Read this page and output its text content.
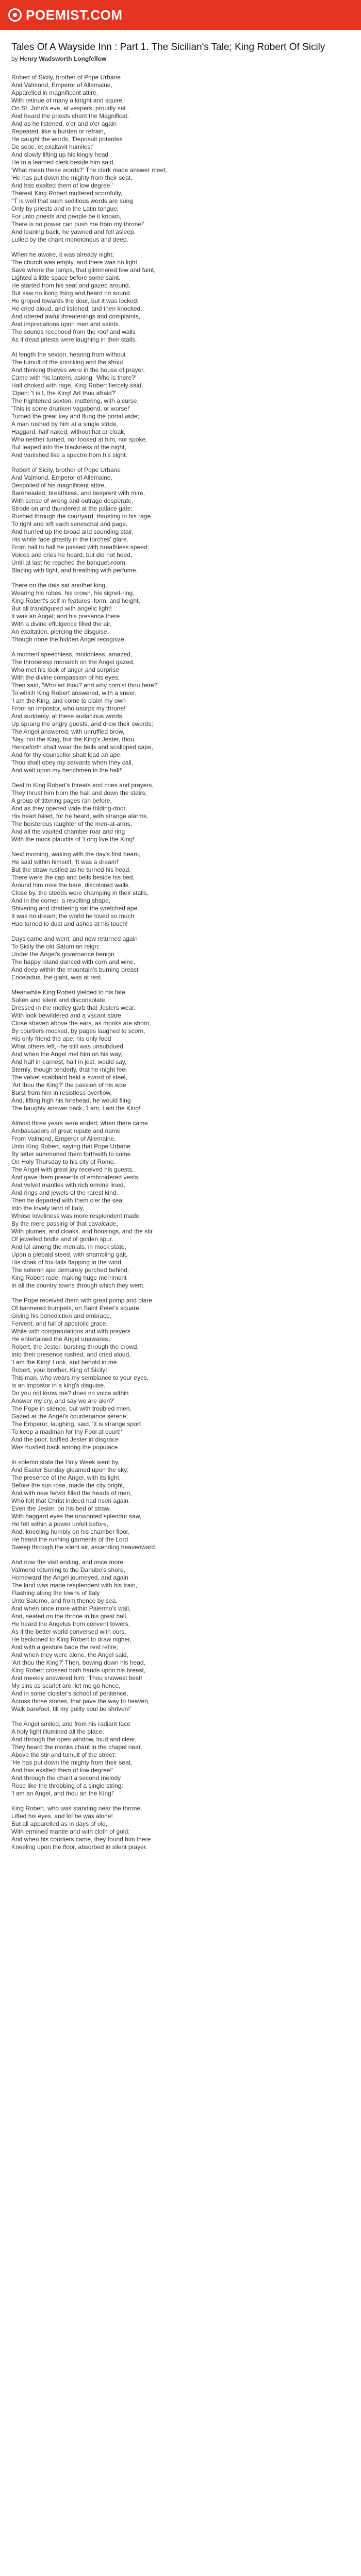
POEMIST.COM
Tales Of A Wayside Inn : Part 1. The Sicilian's Tale; King Robert Of Sicily
by Henry Wadsworth Longfellow

Robert of Sicily, brother of Pope Urbane
And Valmond, Emperor of Allemaine,
Apparelled in magnificent attire,
With retinue of many a knight and squire,
On St. John's eve, at vespers, proudly sat
And heard the priests chant the Magnificat.
And as he listened, o'er and o'er again
Repeated, like a burden or refrain,
He caught the words, 'Deposuit potentes
De sede, et exaltavit humiles;'
And slowly lifting up his kingly head
He to a learned clerk beside him said,
'What mean these words?' The clerk made answer meet,
'He has put down the mighty from their seat,
And has exalted them of low degree.'
Thereat King Robert muttered scornfully,
''T is well that such seditious words are sung
Only by priests and in the Latin tongue;
For unto priests and people be it known,
There is no power can push me from my throne!'
And leaning back, he yawned and fell asleep,
Lulled by the chant monotonous and deep.

When he awoke, it was already night;
The church was empty, and there was no light,
Save where the lamps, that glimmered few and faint,
Lighted a little space before some saint.
He started from his seat and gazed around,
But saw no living thing and heard no sound.
He groped towards the door, but it was locked;
He cried aloud, and listened, and then knocked,
And uttered awful threatenings and complaints,
And imprecations upon men and saints.
The sounds reechoed from the roof and walls
As if dead priests were laughing in their stalls.

At length the sexton, hearing from without
The tumult of the knocking and the shout,
And thinking thieves were in the house of prayer,
Came with his lantern, asking, 'Who is there?'
Half choked with rage, King Robert fiercely said,
'Open: 't is I, the King! Art thou afraid?'
The frightened sexton, muttering, with a curse,
'This is some drunken vagabond, or worse!'
Turned the great key and flung the portal wide;
A man rushed by him at a single stride,
Haggard, half naked, without hat or cloak,
Who neither turned, nor looked at him, nor spoke,
But leaped into the blackness of the night,
And vanished like a spectre from his sight.

Robert of Sicily, brother of Pope Urbane
And Valmond, Emperor of Allemaine,
Despoiled of his magnificent attire,
Bareheaded, breathless, and besprent with mire,
With sense of wrong and outrage desperate,
Strode on and thundered at the palace gate;
Rushed through the courtyard, thrusting in his rage
To right and left each seneschal and page,
And hurried up the broad and sounding stair,
His white face ghastly in the torches' glare.
From hall to hall he passed with breathless speed;
Voices and cries he heard, but did not heed,
Until at last he reached the banquet-room,
Blazing with light, and breathing with perfume.

There on the dais sat another king,
Wearing his robes, his crown, his signet-ring,
King Robert's self in features, form, and height,
But all transfigured with angelic light!
It was an Angel; and his presence there
With a divine effulgence filled the air,
An exaltation, piercing the disguise,
Though none the hidden Angel recognize.

A moment speechless, motionless, amazed,
The throneless monarch on the Angel gazed,
Who met his look of anger and surprise
With the divine compassion of his eyes;
Then said, 'Who art thou? and why com'st thou here?'
To which King Robert answered, with a sneer,
'I am the King, and come to claim my own
From an impostor, who usurps my throne!'
And suddenly, at these audacious words,
Up sprang the angry guests, and drew their swords;
The Angel answered, with unruffled brow,
'Nay, not the King, but the King's Jester, thou
Henceforth shalt wear the bells and scalloped cape,
And for thy counsellor shalt lead an ape;
Thou shalt obey my servants when they call,
And wait upon my henchmen in the hall!'

Deaf to King Robert's threats and cries and prayers,
They thrust him from the hall and down the stairs;
A group of tittering pages ran before,
And as they opened wide the folding-door,
His heart failed, for he heard, with strange alarms,
The boisterous laughter of the men-at-arms,
And all the vaulted chamber roar and ring
With the mock plaudits of 'Long live the King!'

Next morning, waking with the day's first beam,
He said within himself, 'It was a dream!'
But the straw rustled as he turned his head,
There were the cap and bells beside his bed,
Around him rose the bare, discolored walls,
Close by, the steeds were champing in their stalls,
And in the corner, a revolting shape,
Shivering and chattering sat the wretched ape.
It was no dream; the world he loved so much
Had turned to dust and ashes at his touch!

Days came and went; and now returned again
To Sicily the old Saturnian reign;
Under the Angel's governance benign
The happy island danced with corn and wine,
And deep within the mountain's burning breast
Enceladus, the giant, was at rest.

Meanwhile King Robert yielded to his fate,
Sullen and silent and disconsolate.
Dressed in the motley garb that Jesters wear,
With look bewildered and a vacant stare,
Close shaven above the ears, as monks are shorn,
By courtiers mocked, by pages laughed to scorn,
His only friend the ape, his only food
What others left,--he still was unsubdued.
And when the Angel met him on his way,
And half in earnest, half in jest, would say,
Sternly, though tenderly, that he might feel
The velvet scabbard held a sword of steel,
'Art thou the King?' the passion of his woe
Burst from him in resistless overflow,
And, lifting high his forehead, he would fling
The haughty answer back, 'I am, I am the King!'

Almost three years were ended; when there came
Ambassadors of great repute and name
From Valmond, Emperor of Allemaine,
Unto King Robert, saying that Pope Urbane
By letter summoned them forthwith to come
On Holy Thursday to his city of Rome.
The Angel with great joy received his guests,
And gave them presents of embroidered vests,
And velvet mantles with rich ermine lined,
And rings and jewels of the rarest kind.
Then he departed with them o'er the sea
Into the lovely land of Italy,
Whose loveliness was more resplendent made
By the mere passing of that cavalcade,
With plumes, and cloaks, and housings, and the stir
Of jewelled bridle and of golden spur.
And lo! among the menials, in mock state,
Upon a piebald steed, with shambling gait,
His cloak of fox-tails flapping in the wind,
The solemn ape demurely perched behind,
King Robert rode, making huge merriment
In all the country towns through which they went.

The Pope received them with great pomp and blare
Of bannered trumpets, on Saint Peter's square,
Giving his benediction and embrace,
Fervent, and full of apostolic grace.
While with congratulations and with prayers
He entertained the Angel unawares,
Robert, the Jester, bursting through the crowd,
Into their presence rushed, and cried aloud,
'I am the King! Look, and behold in me
Robert, your brother, King of Sicily!
This man, who wears my semblance to your eyes,
Is an impostor in a king's disguise.
Do you not know me? does no voice within
Answer my cry, and say we are akin?'
The Pope in silence, but with troubled mien,
Gazed at the Angel's countenance serene;
The Emperor, laughing, said, 'It is strange sport
To keep a madman for thy Fool at court!'
And the poor, baffled Jester in disgrace
Was hustled back among the populace.

In solemn state the Holy Week went by,
And Easter Sunday gleamed upon the sky;
The presence of the Angel, with its light,
Before the sun rose, made the city bright,
And with new fervor filled the hearts of men,
Who felt that Christ indeed had risen again.
Even the Jester, on his bed of straw,
With haggard eyes the unwonted splendor saw,
He felt within a power unfelt before,
And, kneeling humbly on his chamber floor,
He heard the rushing garments of the Lord
Sweep through the silent air, ascending heavenward.

And now the visit ending, and once more
Valmond returning to the Danube's shore,
Homeward the Angel journeyed, and again
The land was made resplendent with his train,
Flashing along the towns of Italy
Unto Salerno, and from thence by sea.
And when once more within Palermo's wall,
And, seated on the throne in his great hall,
He heard the Angelus from convent towers,
As if the better world conversed with ours,
He beckoned to King Robert to draw nigher,
And with a gesture bade the rest retire;
And when they were alone, the Angel said,
'Art thou the King?' Then, bowing down his head,
King Robert crossed both hands upon his breast,
And meekly answered him: 'Thou knowest best!
My sins as scarlet are; let me go hence,
And in some cloister's school of penitence,
Across those stones, that pave the way to heaven,
Walk barefoot, till my guilty soul be shriven!'

The Angel smiled, and from his radiant face
A holy light illumined all the place,
And through the open window, loud and clear,
They heard the monks chant in the chapel near,
Above the stir and tumult of the street:
'He has put down the mighty from their seat,
And has exalted them of low degree!'
And through the chant a second melody
Rose like the throbbing of a single string:
'I am an Angel, and thou art the King!'

King Robert, who was standing near the throne,
Lifted his eyes, and lo! he was alone!
But all apparelled as in days of old,
With ermined mantle and with cloth of gold;
And when his courtiers came, they found him there
Kneeling upon the floor, absorbed in silent prayer.
